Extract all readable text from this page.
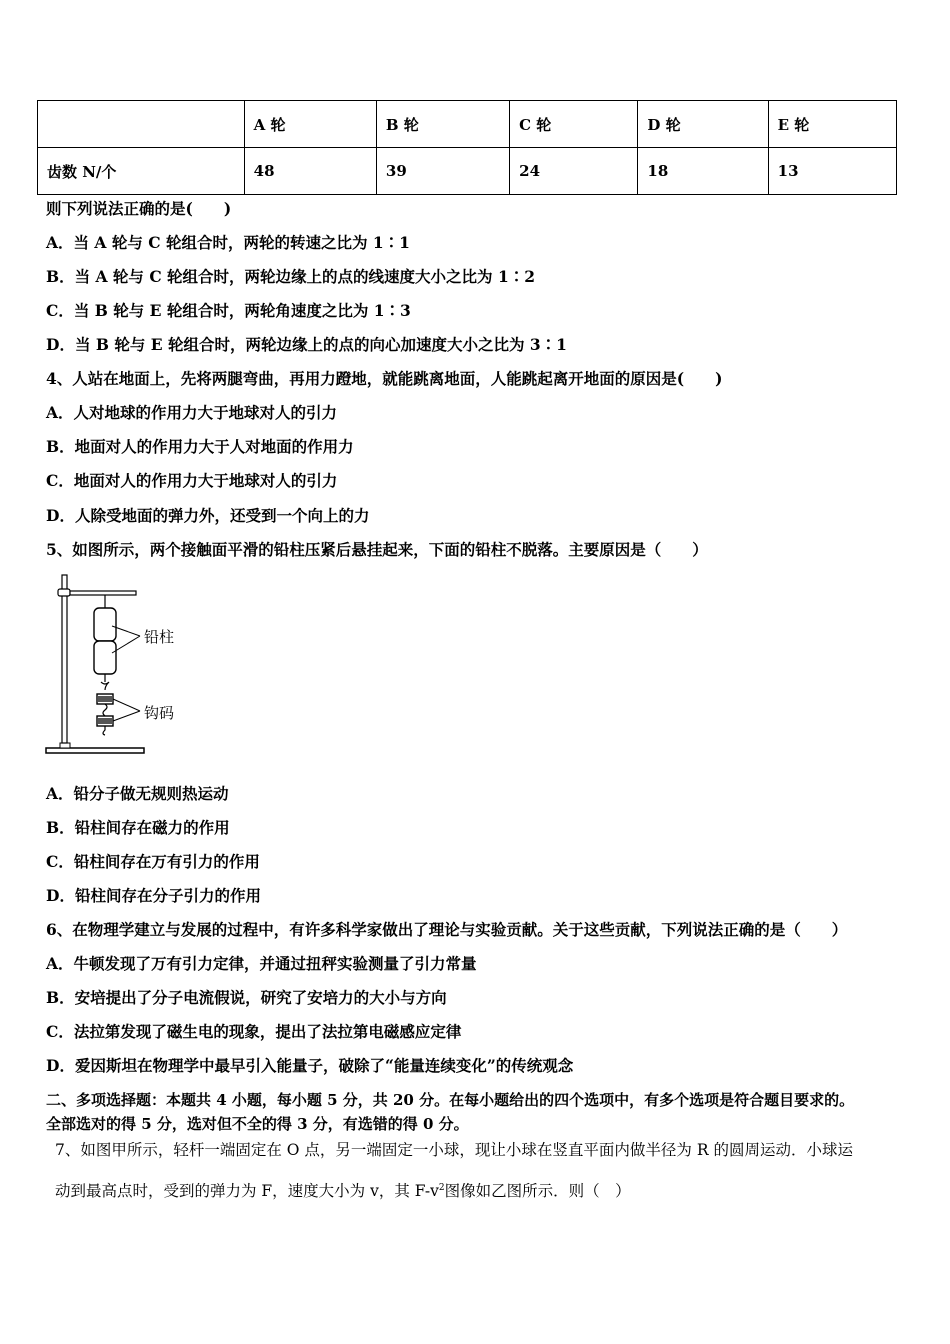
	A 轮	B 轮	C 轮	D 轮	E 轮
齿数 N/个	48	39	24	18	13
则下列说法正确的是(　　)
A．当 A 轮与 C 轮组合时，两轮的转速之比为 1∶1
B．当 A 轮与 C 轮组合时，两轮边缘上的点的线速度大小之比为 1∶2
C．当 B 轮与 E 轮组合时，两轮角速度之比为 1∶3
D．当 B 轮与 E 轮组合时，两轮边缘上的点的向心加速度大小之比为 3∶1
4、人站在地面上，先将两腿弯曲，再用力蹬地，就能跳离地面，人能跳起离开地面的原因是(　　)
A．人对地球的作用力大于地球对人的引力
B．地面对人的作用力大于人对地面的作用力
C．地面对人的作用力大于地球对人的引力
D．人除受地面的弹力外，还受到一个向上的力
5、如图所示，两个接触面平滑的铅柱压紧后悬挂起来，下面的铅柱不脱落。主要原因是（　　）
铅柱
钩码
A．铅分子做无规则热运动
B．铅柱间存在磁力的作用
C．铅柱间存在万有引力的作用
D．铅柱间存在分子引力的作用
6、在物理学建立与发展的过程中，有许多科学家做出了理论与实验贡献。关于这些贡献，下列说法正确的是（　　）
A．牛顿发现了万有引力定律，并通过扭秤实验测量了引力常量
B．安培提出了分子电流假说，研究了安培力的大小与方向
C．法拉第发现了磁生电的现象，提出了法拉第电磁感应定律
D．爱因斯坦在物理学中最早引入能量子，破除了“能量连续变化”的传统观念
二、多项选择题：本题共 4 小题，每小题 5 分，共 20 分。在每小题给出的四个选项中，有多个选项是符合题目要求的。
全部选对的得 5 分，选对但不全的得 3 分，有选错的得 0 分。
7、如图甲所示，轻杆一端固定在 O 点，另一端固定一小球，现让小球在竖直平面内做半径为 R 的圆周运动．小球运
动到最高点时，受到的弹力为 F，速度大小为 v，其 $F-v^2$图像如乙图所示．则（　）
